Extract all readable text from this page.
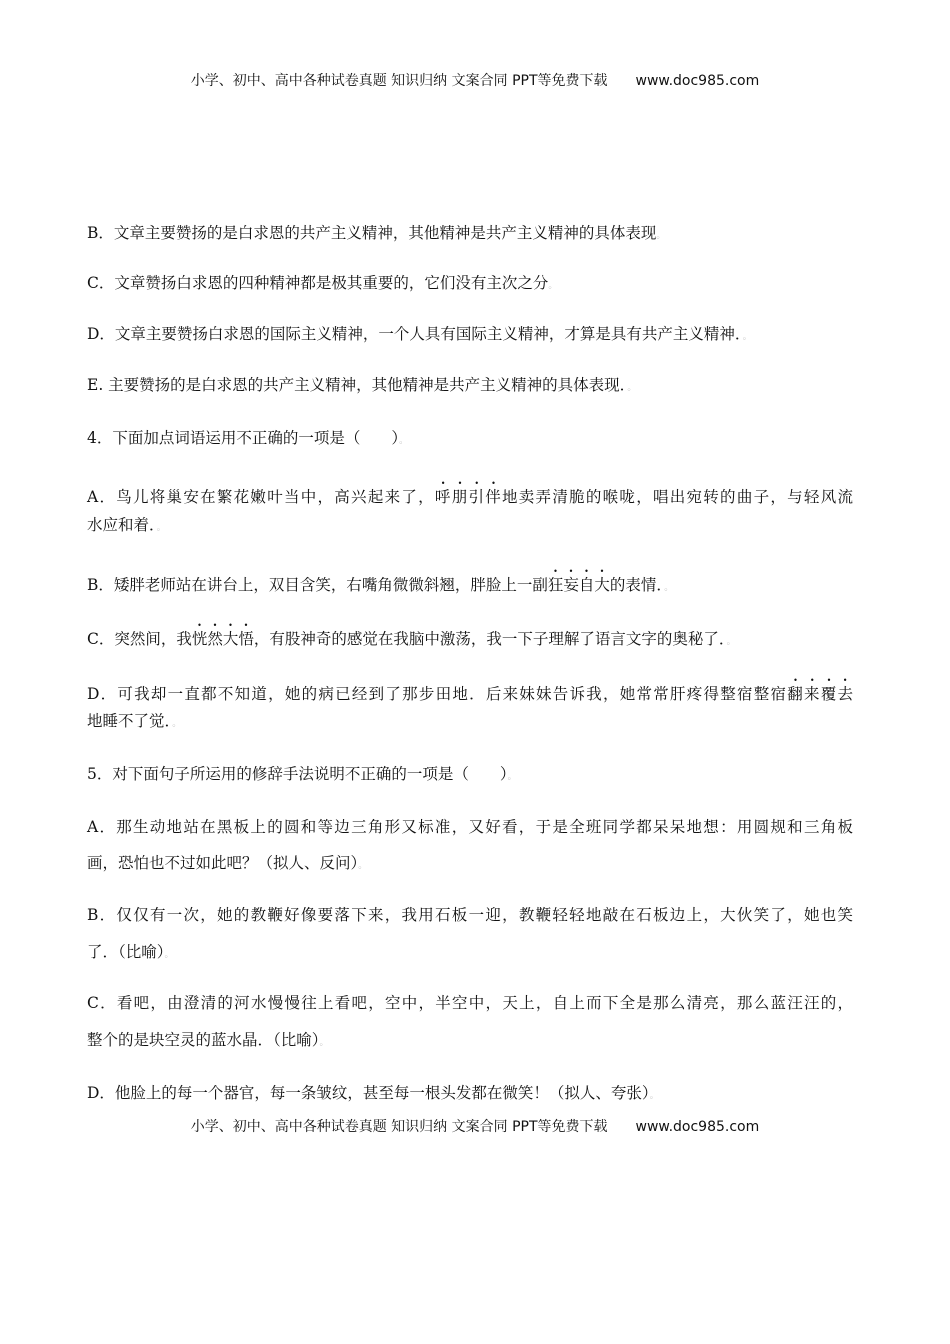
小学、初中、高中各种试卷真题 知识归纳 文案合同 PPT等免费下载 www.doc985.com
B．文章主要赞扬的是白求恩的共产主义精神，其他精神是共产主义精神的具体表现。
C．文章赞扬白求恩的四种精神都是极其重要的，它们没有主次之分。
D．文章主要赞扬白求恩的国际主义精神，一个人具有国际主义精神，才算是具有共产主义精神．。
E. 主要赞扬的是白求恩的共产主义精神，其他精神是共产主义精神的具体表现．。
4．下面加点词语运用不正确的一项是（　　）。
A．鸟儿将巢安在繁花嫩叶当中，高兴起来了，呼朋引伴地卖弄清脆的喉咙，唱出宛转的曲子，与轻风流
水应和着．。
B．矮胖老师站在讲台上，双目含笑，右嘴角微微斜翘，胖脸上一副狂妄自大的表情．。
C．突然间，我恍然大悟，有股神奇的感觉在我脑中激荡，我一下子理解了语言文字的奥秘了．。
D．可我却一直都不知道，她的病已经到了那步田地．后来妹妹告诉我，她常常肝疼得整宿整宿翻来覆去
地睡不了觉．。
5．对下面句子所运用的修辞手法说明不正确的一项是（　　）。
A．那生动地站在黑板上的圆和等边三角形又标准，又好看，于是全班同学都呆呆地想：用圆规和三角板
画，恐怕也不过如此吧？（拟人、反问）。
B．仅仅有一次，她的教鞭好像要落下来，我用石板一迎，教鞭轻轻地敲在石板边上，大伙笑了，她也笑
了．（比喻）。
C．看吧，由澄清的河水慢慢往上看吧，空中，半空中，天上，自上而下全是那么清亮，那么蓝汪汪的，
整个的是块空灵的蓝水晶．（比喻）。
D．他脸上的每一个器官，每一条皱纹，甚至每一根头发都在微笑！（拟人、夸张）。
小学、初中、高中各种试卷真题 知识归纳 文案合同 PPT等免费下载 www.doc985.com
